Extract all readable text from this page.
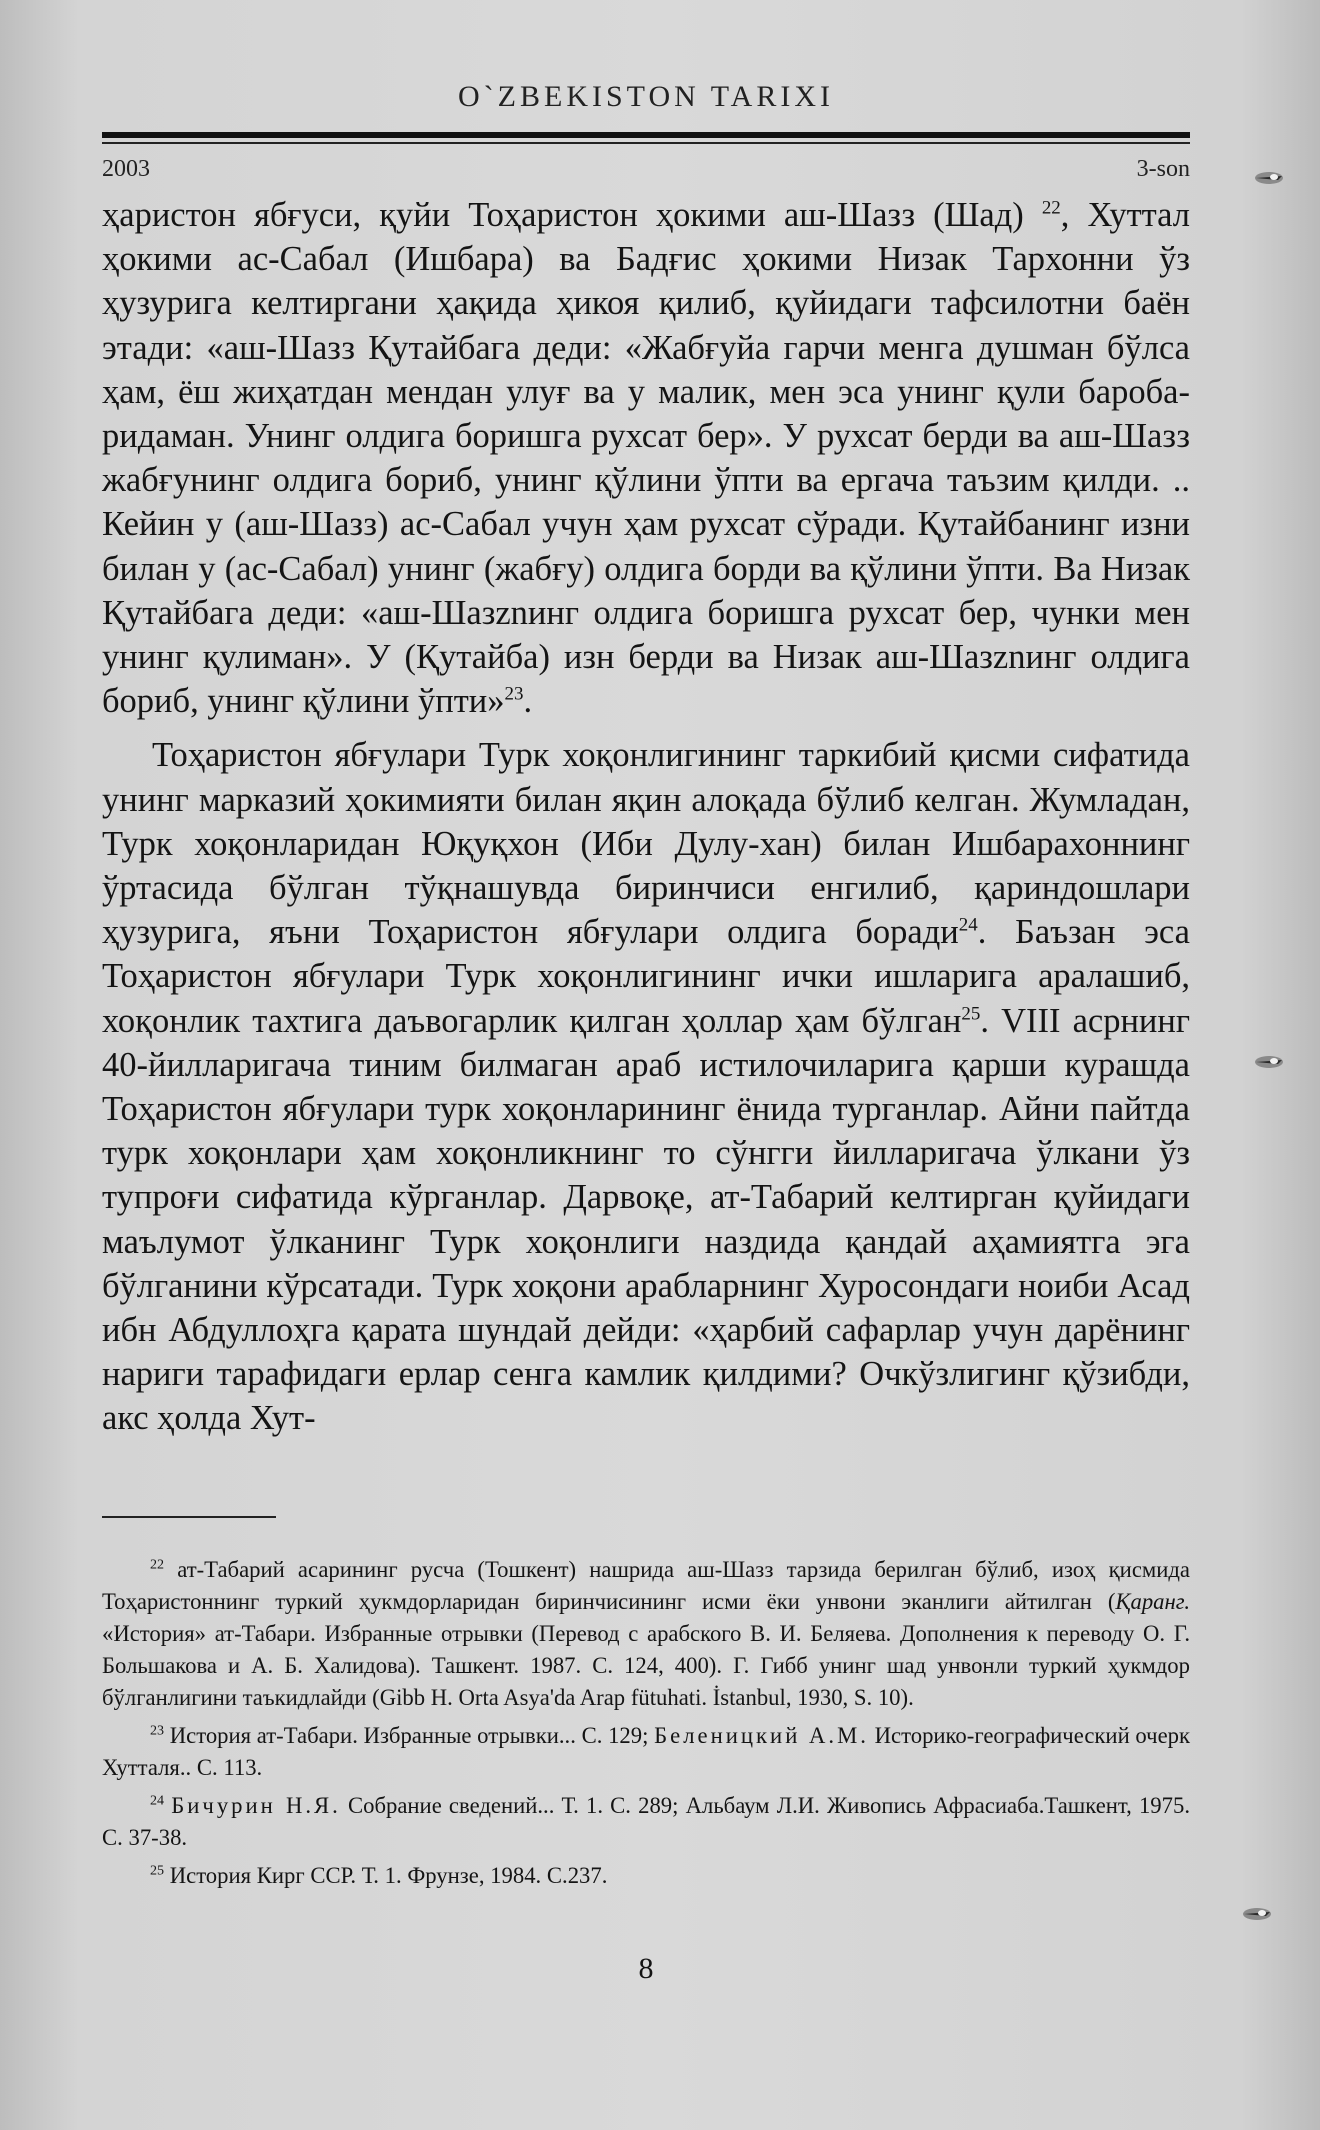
O`ZBEKISTON TARIXI
2003	3-son

ҳаристон ябғуси, қуйи Тоҳаристон ҳокими аш-Шазз (Шад) $^{22}$, Хуттал ҳокими ас-Сабал (Ишбара) ва Бадғис ҳокими Низак Тархонни ўз ҳузурига келтиргани ҳақида ҳикоя қилиб, қуйидаги тафсилотни баён этади: «аш-Шазз Қутайбага деди: «Жабғуйа гарчи менга душман бўлса ҳам, ёш жиҳатдан мендан улуғ ва у малик, мен эса унинг қули баробаридаман. Унинг олдига боришга рухсат бер». У рухсат берди ва аш-Шазз жабғунинг олдига бориб, унинг қўлини ўпти ва ергача таъзим қилди. .. Кейин у (аш-Шазз) ас-Сабал учун ҳам рухсат сўради. Қутайбанинг изни билан у (ас-Сабал) унинг (жабғу) олдига борди ва қўлини ўпти. Ва Низак Қутайбага деди: «аш-Шазznинг олдига боришга рухсат бер, чунки мен унинг қулиман». У (Қутайба) изн берди ва Низак аш-Шазznинг олдига бориб, унинг қўлини ўпти»$^{23}$.

Тоҳаристон ябғулари Турк хоқонлигининг таркибий қисми сифатида унинг марказий ҳокимияти билан яқин алоқада бўлиб келган. Жумладан, Турк хоқонларидан Юқуқхон (Иби Дулу-хан) билан Ишбарахоннинг ўртасида бўлган тўқнашувда биринчиси енгилиб, қариндошлари ҳузурига, яъни Тоҳаристон ябғулари олдига боради$^{24}$. Баъзан эса Тоҳаристон ябғулари Турк хоқонлигининг ички ишларига аралашиб, хоқонлик тахтига даъвогарлик қилган ҳоллар ҳам бўлган$^{25}$. VIII асрнинг 40-йилларигача тиним билмаган араб истилочиларига қарши курашда Тоҳаристон ябғулари турк хоқонларининг ёнида турганлар. Айни пайтда турк хоқонлари ҳам хоқонликнинг то сўнгги йилларигача ўлкани ўз тупроғи сифатида кўрганлар. Дарвоқе, ат-Табарий келтирган қуйидаги маълумот ўлканинг Турк хоқонлиги наздида қандай аҳамиятга эга бўлганини кўрсатади. Турк хоқони арабларнинг Хуросондаги ноиби Асад ибн Абдуллоҳга қарата шундай дейди: «ҳарбий сафарлар учун дарёнинг нариги тарафидаги ерлар сенга камлик қилдими? Очкўзлигинг қўзибди, акс ҳолда Хут-

$^{22}$ ат-Табарий асарининг русча (Тошкент) нашрида аш-Шазз тарзида берилган бўлиб, изоҳ қисмида Тоҳаристоннинг туркий ҳукмдорларидан биринчисининг исми ёки унвони эканлиги айтилган (Қаранг. «История» ат-Табари. Избранные отрывки (Перевод с арабского В. И. Беляева. Дополнения к переводу О. Г. Большакова и А. Б. Халидова). Ташкент. 1987. С. 124, 400). Г. Гибб унинг шад унвонли туркий ҳукмдор бўлганлигини таъкидлайди (Gibb H. Orta Asya'da Arap fütuhati. İstanbul, 1930, S. 10).

$^{23}$ История ат-Табари. Избранные отрывки... С. 129; Беленицкий А.М. Историко-географический очерк Хутталя.. С. 113.

$^{24}$ Бичурин Н.Я. Собрание сведений... Т. 1. С. 289; Альбаум Л.И. Живопись Афрасиаба.Ташкент, 1975. С. 37-38.

$^{25}$ История Кирг ССР. Т. 1. Фрунзе, 1984. С.237.

8
